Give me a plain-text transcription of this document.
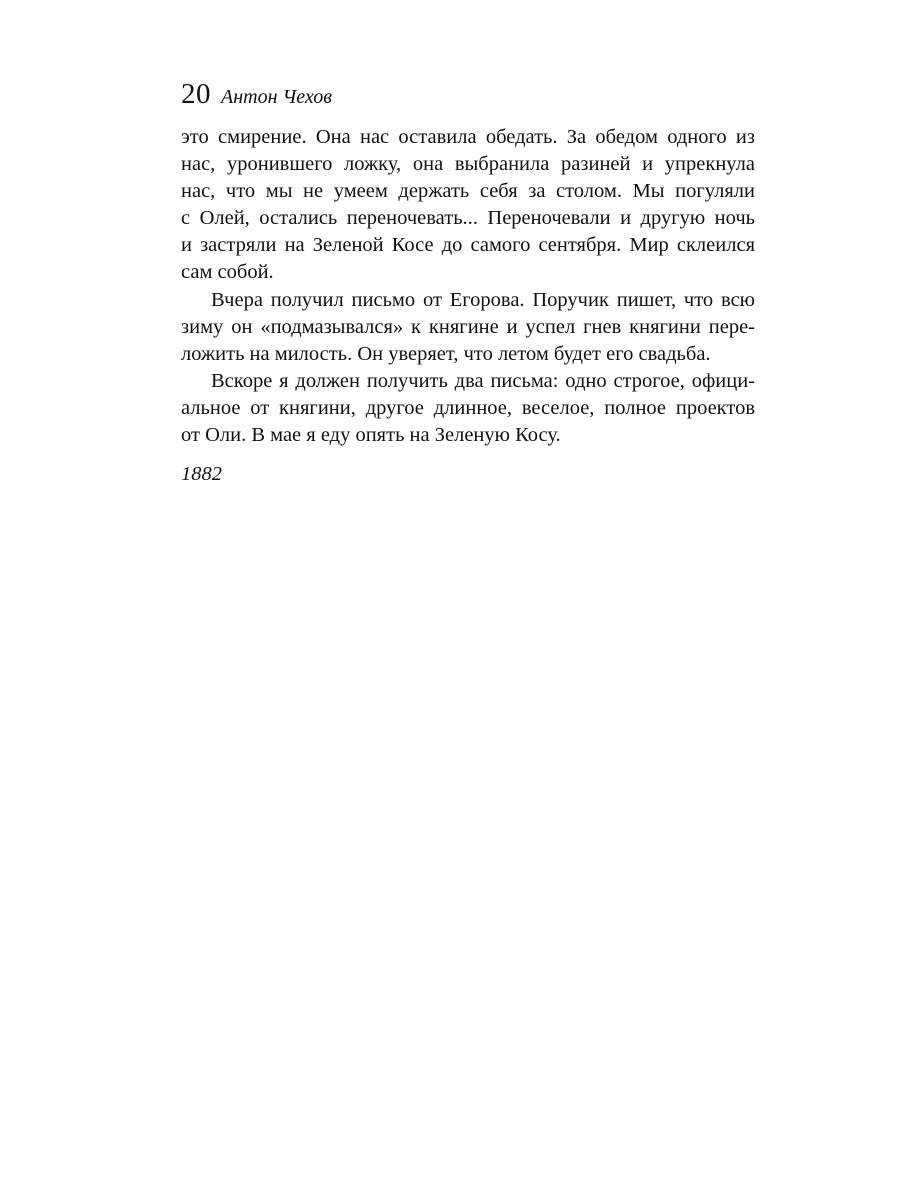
20 Антон Чехов
это смирение. Она нас оставила обедать. За обедом одного из
нас, уронившего ложку, она выбранила разиней и упрекнула
нас, что мы не умеем держать себя за столом. Мы погуляли
с Олей, остались переночевать... Переночевали и другую ночь
и застряли на Зеленой Косе до самого сентября. Мир склеился
сам собой.
Вчера получил письмо от Егорова. Поручик пишет, что всю
зиму он «подмазывался» к княгине и успел гнев княгини пере-
ложить на милость. Он уверяет, что летом будет его свадьба.
Вскоре я должен получить два письма: одно строгое, офици-
альное от княгини, другое длинное, веселое, полное проектов
от Оли. В мае я еду опять на Зеленую Косу.
1882
